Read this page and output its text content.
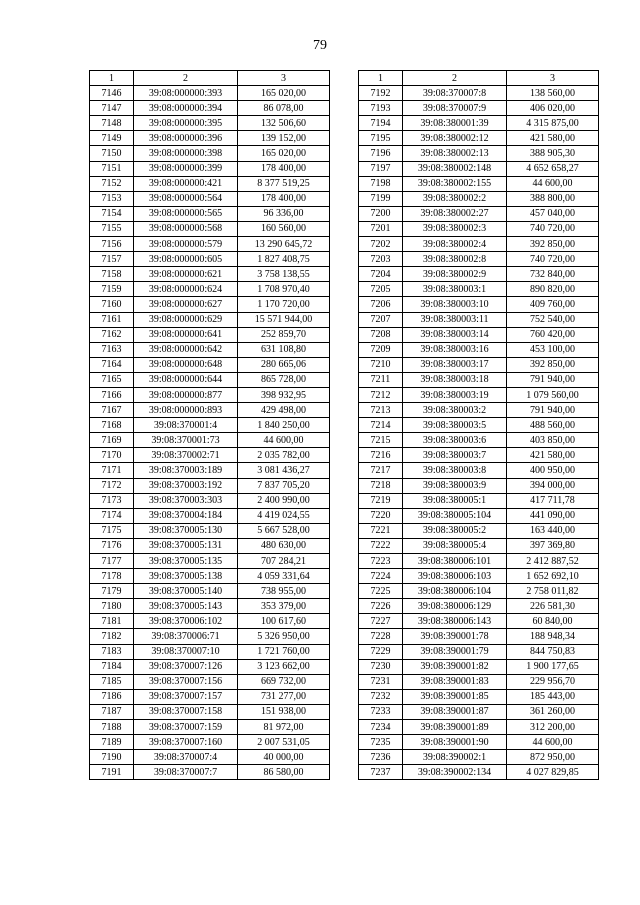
79
1	2	3
7146	39:08:000000:393	165 020,00
7147	39:08:000000:394	86 078,00
7148	39:08:000000:395	132 506,60
7149	39:08:000000:396	139 152,00
7150	39:08:000000:398	165 020,00
7151	39:08:000000:399	178 400,00
7152	39:08:000000:421	8 377 519,25
7153	39:08:000000:564	178 400,00
7154	39:08:000000:565	96 336,00
7155	39:08:000000:568	160 560,00
7156	39:08:000000:579	13 290 645,72
7157	39:08:000000:605	1 827 408,75
7158	39:08:000000:621	3 758 138,55
7159	39:08:000000:624	1 708 970,40
7160	39:08:000000:627	1 170 720,00
7161	39:08:000000:629	15 571 944,00
7162	39:08:000000:641	252 859,70
7163	39:08:000000:642	631 108,80
7164	39:08:000000:648	280 665,06
7165	39:08:000000:644	865 728,00
7166	39:08:000000:877	398 932,95
7167	39:08:000000:893	429 498,00
7168	39:08:370001:4	1 840 250,00
7169	39:08:370001:73	44 600,00
7170	39:08:370002:71	2 035 782,00
7171	39:08:370003:189	3 081 436,27
7172	39:08:370003:192	7 837 705,20
7173	39:08:370003:303	2 400 990,00
7174	39:08:370004:184	4 419 024,55
7175	39:08:370005:130	5 667 528,00
7176	39:08:370005:131	480 630,00
7177	39:08:370005:135	707 284,21
7178	39:08:370005:138	4 059 331,64
7179	39:08:370005:140	738 955,00
7180	39:08:370005:143	353 379,00
7181	39:08:370006:102	100 617,60
7182	39:08:370006:71	5 326 950,00
7183	39:08:370007:10	1 721 760,00
7184	39:08:370007:126	3 123 662,00
7185	39:08:370007:156	669 732,00
7186	39:08:370007:157	731 277,00
7187	39:08:370007:158	151 938,00
7188	39:08:370007:159	81 972,00
7189	39:08:370007:160	2 007 531,05
7190	39:08:370007:4	40 000,00
7191	39:08:370007:7	86 580,00
1	2	3
7192	39:08:370007:8	138 560,00
7193	39:08:370007:9	406 020,00
7194	39:08:380001:39	4 315 875,00
7195	39:08:380002:12	421 580,00
7196	39:08:380002:13	388 905,30
7197	39:08:380002:148	4 652 658,27
7198	39:08:380002:155	44 600,00
7199	39:08:380002:2	388 800,00
7200	39:08:380002:27	457 040,00
7201	39:08:380002:3	740 720,00
7202	39:08:380002:4	392 850,00
7203	39:08:380002:8	740 720,00
7204	39:08:380002:9	732 840,00
7205	39:08:380003:1	890 820,00
7206	39:08:380003:10	409 760,00
7207	39:08:380003:11	752 540,00
7208	39:08:380003:14	760 420,00
7209	39:08:380003:16	453 100,00
7210	39:08:380003:17	392 850,00
7211	39:08:380003:18	791 940,00
7212	39:08:380003:19	1 079 560,00
7213	39:08:380003:2	791 940,00
7214	39:08:380003:5	488 560,00
7215	39:08:380003:6	403 850,00
7216	39:08:380003:7	421 580,00
7217	39:08:380003:8	400 950,00
7218	39:08:380003:9	394 000,00
7219	39:08:380005:1	417 711,78
7220	39:08:380005:104	441 090,00
7221	39:08:380005:2	163 440,00
7222	39:08:380005:4	397 369,80
7223	39:08:380006:101	2 412 887,52
7224	39:08:380006:103	1 652 692,10
7225	39:08:380006:104	2 758 011,82
7226	39:08:380006:129	226 581,30
7227	39:08:380006:143	60 840,00
7228	39:08:390001:78	188 948,34
7229	39:08:390001:79	844 750,83
7230	39:08:390001:82	1 900 177,65
7231	39:08:390001:83	229 956,70
7232	39:08:390001:85	185 443,00
7233	39:08:390001:87	361 260,00
7234	39:08:390001:89	312 200,00
7235	39:08:390001:90	44 600,00
7236	39:08:390002:1	872 950,00
7237	39:08:390002:134	4 027 829,85
